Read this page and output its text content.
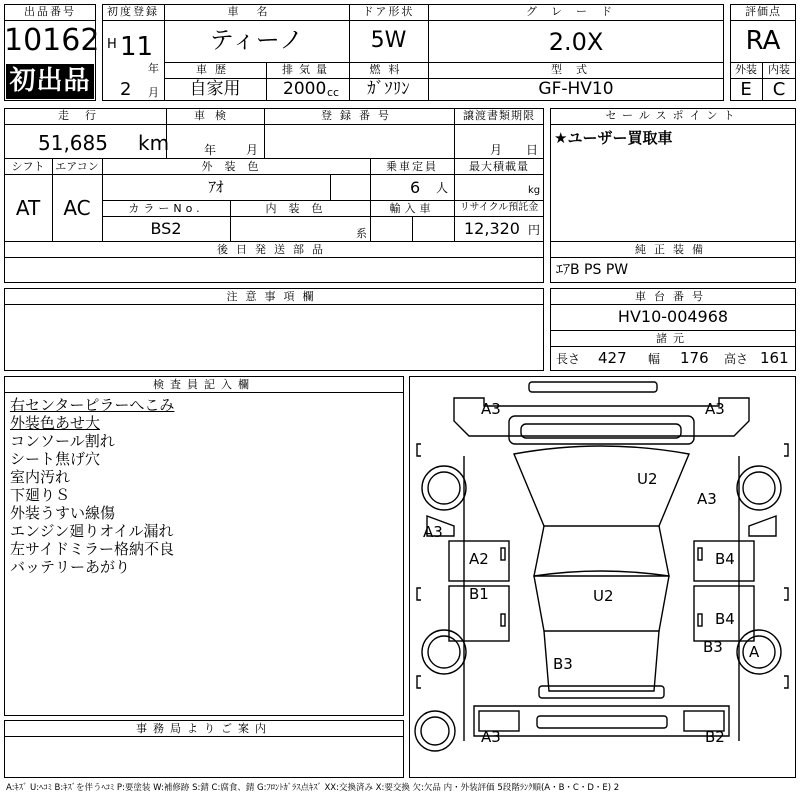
出品番号
10162
初出品
初度登録
H 11
年
2 月
車名
ティーノ
ドア形状
5W
グレード
2.0X
車歴
自家用
排気量
2000 cc
燃料
ｶﾞｿﾘﾝ
型式
GF-HV10
評価点
RA
外装	内装
E	C
走行
51,685 km
車検
年 月
登録番号	譲渡書類期限
月 日
シフト
AT
エアコン
AC
外装色
ｱｵ
乗車定員
6 人
最大積載量
kg
カラーNo.
BS2
内装色
系
輸入車	リサイクル預託金
12,320 円
後日発送部品
セールスポイント
★ユーザー買取車
純正装備
ｴｱB PS PW
注意事項欄	車台番号
HV10-004968
諸元
長さ 427 幅 176 高さ 161
検査員記入欄
右センターピラーへこみ
外装色あせ大
コンソール割れ
シート焦げ穴
室内汚れ
下廻りＳ
外装うすい線傷
エンジン廻りオイル漏れ
左サイドミラー格納不良
バッテリーあがり
事務局よりご案内
A3	A3
U2
A3
A3
A2	B4
B1	U2
B4
B3 A
B3
A3	B2
A:ｷｽﾞ U:ﾍｺﾐ B:ｷｽﾞを伴うﾍｺﾐ P:要塗装 W:補修跡 S:錆 C:腐食、錆 G:ﾌﾛﾝﾄｶﾞﾗｽ点ｷｽﾞ XX:交換済み X:要交換 欠:欠品 内・外装評価 5段階ﾗﾝｸ順(A・B・C・D・E) 2
